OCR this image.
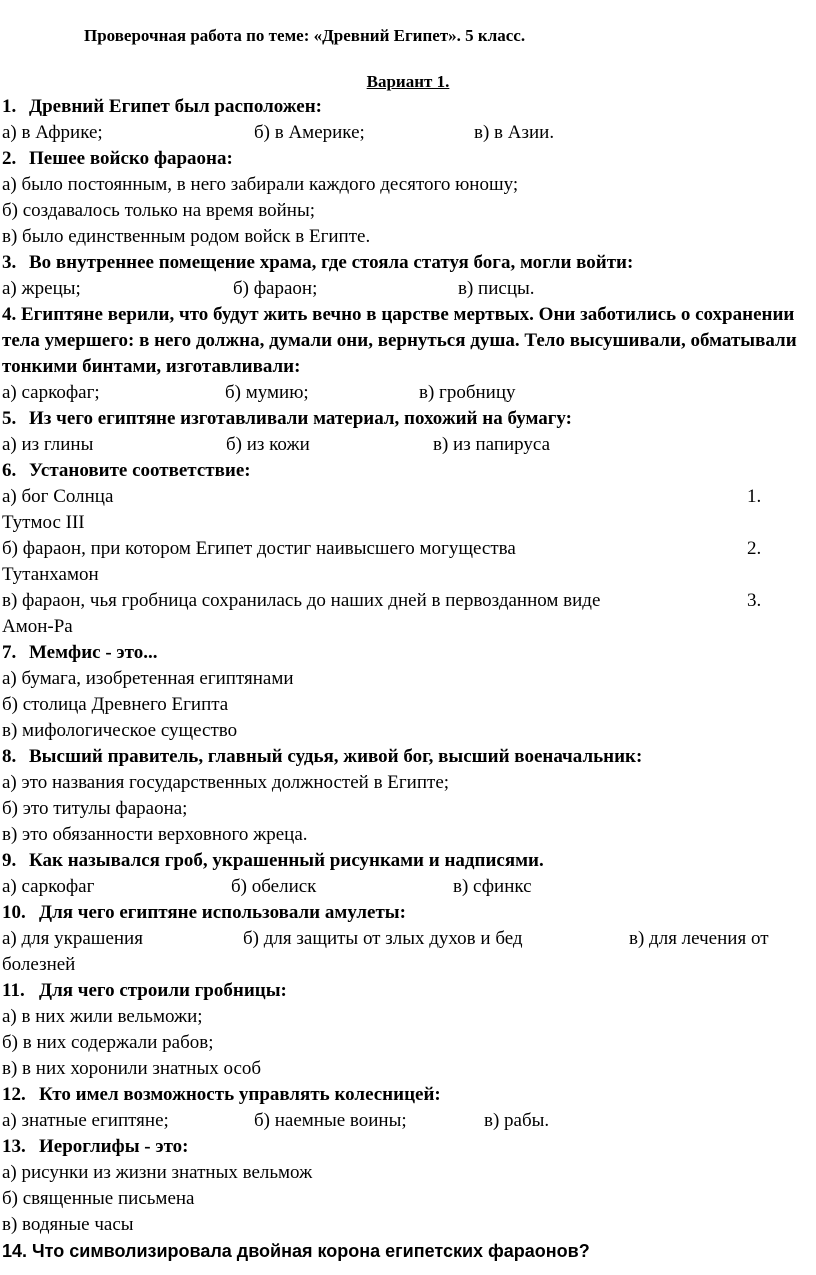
Проверочная работа по теме: «Древний Египет». 5 класс.
Вариант 1.
1. Древний Египет был расположен:
а) в Африке;	б) в Америке;	в) в Азии.
2. Пешее войско фараона:
а) было постоянным, в него забирали каждого десятого юношу;
б) создавалось только на время войны;
в) было единственным родом войск в Египте.
3. Во внутреннее помещение храма, где стояла статуя бога, могли войти:
а) жрецы;	б) фараон;	в) писцы.
4. Египтяне верили, что будут жить вечно в царстве мертвых. Они заботились о сохранении тела умершего: в него должна, думали они, вернуться душа. Тело высушивали, обматывали тонкими бинтами, изготавливали:
а) саркофаг;	б) мумию;	в) гробницу
5. Из чего египтяне изготавливали материал, похожий на бумагу:
а) из глины	б) из кожи	в) из папируса
6. Установите соответствие:
а) бог Солнца	1.
Тутмос III
б) фараон, при котором Египет достиг наивысшего могущества	2.
Тутанхамон
в) фараон, чья гробница сохранилась до наших дней в первозданном виде	3.
Амон-Ра
7. Мемфис - это...
а) бумага, изобретенная египтянами
б) столица Древнего Египта
в) мифологическое существо
8. Высший правитель, главный судья, живой бог, высший военачальник:
а) это названия государственных должностей в Египте;
б) это титулы фараона;
в) это обязанности верховного жреца.
9. Как назывался гроб, украшенный рисунками и надписями.
а) саркофаг	б) обелиск	в) сфинкс
10. Для чего египтяне использовали амулеты:
а) для украшения	б) для защиты от злых духов и бед	в) для лечения от
болезней
11. Для чего строили гробницы:
а) в них жили вельможи;
б) в них содержали рабов;
в) в них хоронили знатных особ
12. Кто имел возможность управлять колесницей:
а) знатные египтяне;	б) наемные воины;	в) рабы.
13. Иероглифы - это:
а) рисунки из жизни знатных вельмож
б) священные письмена
в) водяные часы
14. Что символизировала двойная корона египетских фараонов?
